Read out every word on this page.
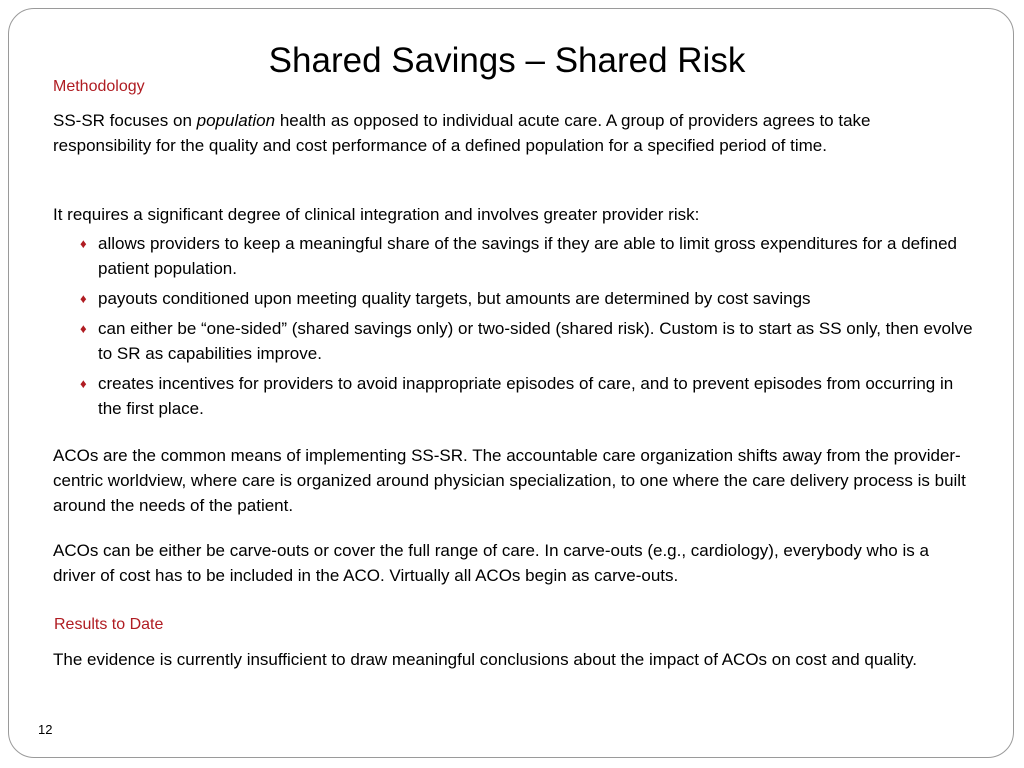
Shared Savings – Shared Risk
Methodology
SS-SR focuses on population health as opposed to individual acute care. A group of providers agrees to take responsibility for the quality and cost performance of a defined population for a specified period of time.
It requires a significant degree of clinical integration and involves greater provider risk:
♦ allows providers to keep a meaningful share of the savings if they are able to limit gross expenditures for a defined patient population.
♦ payouts conditioned upon meeting quality targets, but amounts are determined by cost savings
♦ can either be “one-sided” (shared savings only) or two-sided (shared risk). Custom is to start as SS only, then evolve to SR as capabilities improve.
♦ creates incentives for providers to avoid inappropriate episodes of care, and to prevent episodes from occurring in the first place.
ACOs are the common means of implementing SS-SR. The accountable care organization shifts away from the provider-centric worldview, where care is organized around physician specialization, to one where the care delivery process is built around the needs of the patient.
ACOs can be either be carve-outs or cover the full range of care. In carve-outs (e.g., cardiology), everybody who is a driver of cost has to be included in the ACO. Virtually all ACOs begin as carve-outs.
Results to Date
The evidence is currently insufficient to draw meaningful conclusions about the impact of ACOs on cost and quality.
12
